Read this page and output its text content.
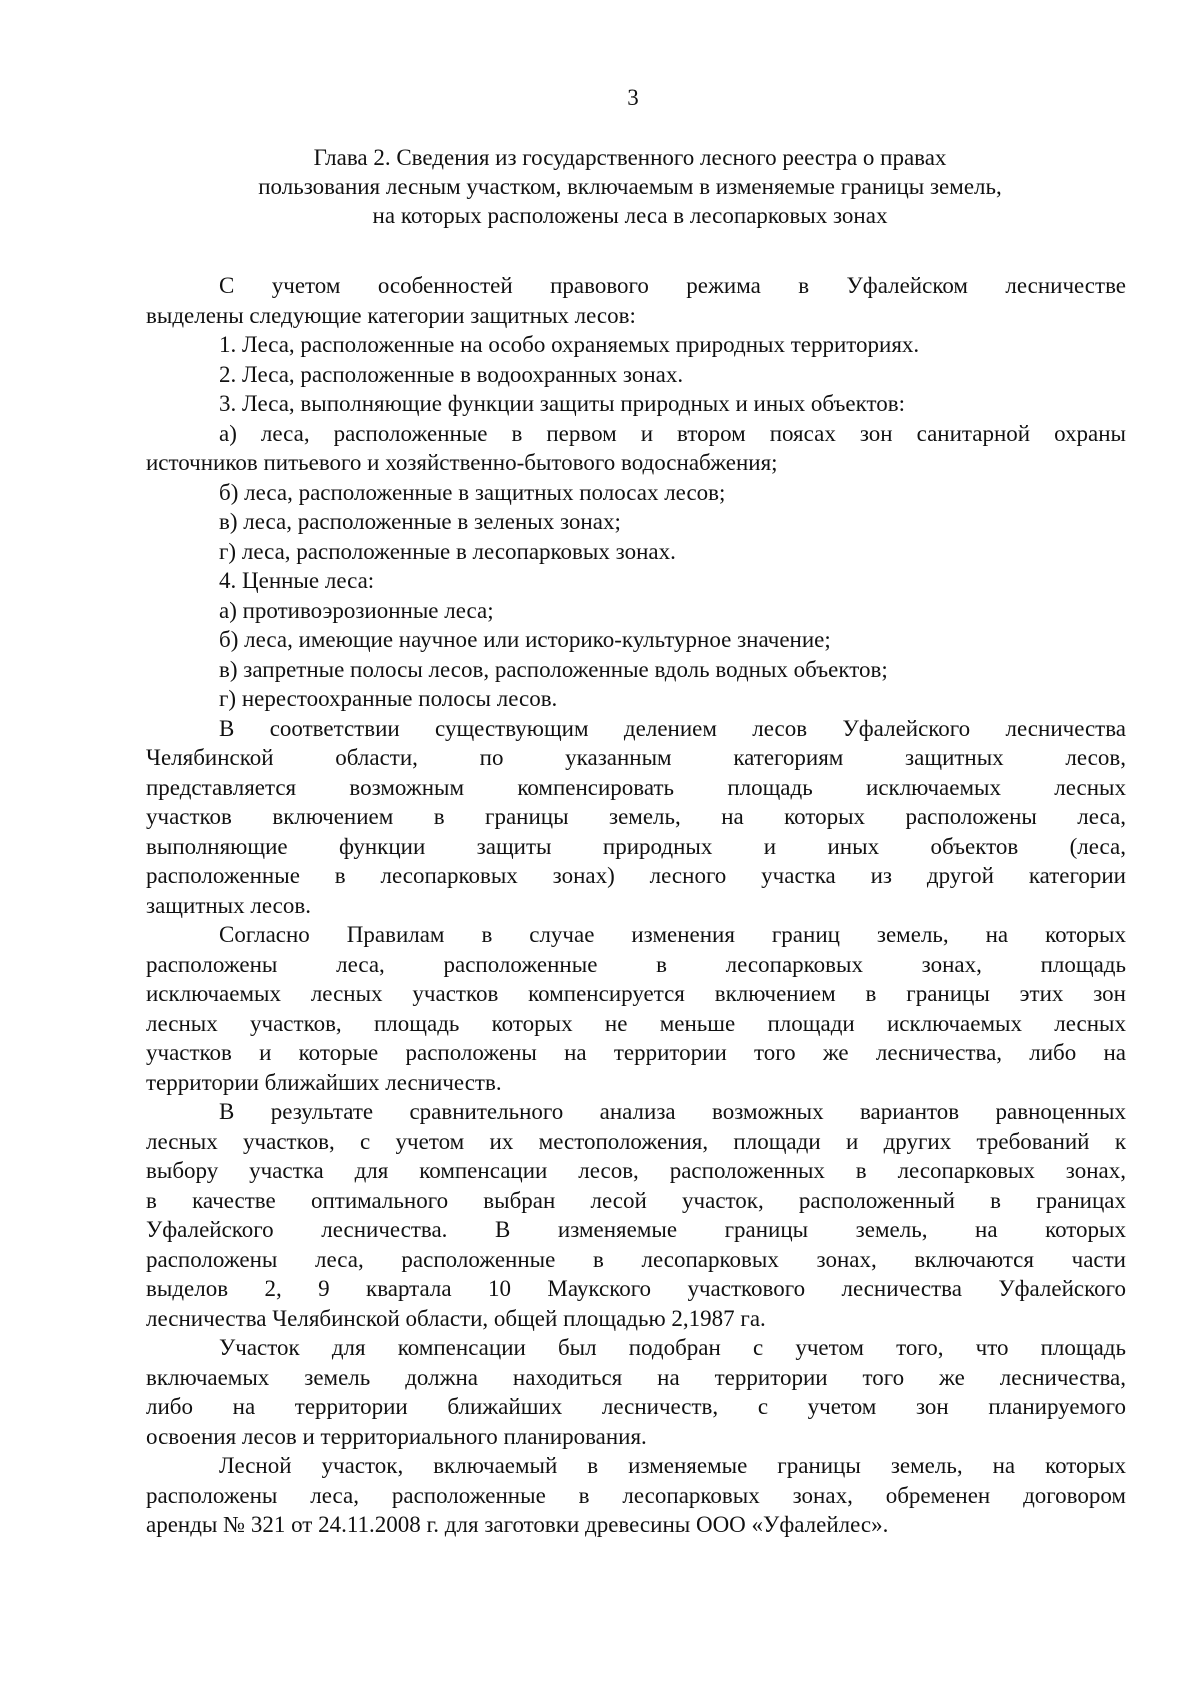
3
Глава 2. Сведения из государственного лесного реестра о правах
пользования лесным участком, включаемым в изменяемые границы земель,
на которых расположены леса в лесопарковых зонах
С учетом особенностей правового режима в Уфалейском лесничестве
выделены следующие категории защитных лесов:
1. Леса, расположенные на особо охраняемых природных территориях.
2. Леса, расположенные в водоохранных зонах.
3. Леса, выполняющие функции защиты природных и иных объектов:
а) леса, расположенные в первом и втором поясах зон санитарной охраны
источников питьевого и хозяйственно-бытового водоснабжения;
б) леса, расположенные в защитных полосах лесов;
в) леса, расположенные в зеленых зонах;
г) леса, расположенные в лесопарковых зонах.
4. Ценные леса:
а) противоэрозионные леса;
б) леса, имеющие научное или историко-культурное значение;
в) запретные полосы лесов, расположенные вдоль водных объектов;
г) нерестоохранные полосы лесов.
В соответствии существующим делением лесов Уфалейского лесничества
Челябинской области, по указанным категориям защитных лесов,
представляется возможным компенсировать площадь исключаемых лесных
участков включением в границы земель, на которых расположены леса,
выполняющие функции защиты природных и иных объектов (леса,
расположенные в лесопарковых зонах) лесного участка из другой категории
защитных лесов.
Согласно Правилам в случае изменения границ земель, на которых
расположены леса, расположенные в лесопарковых зонах, площадь
исключаемых лесных участков компенсируется включением в границы этих зон
лесных участков, площадь которых не меньше площади исключаемых лесных
участков и которые расположены на территории того же лесничества, либо на
территории ближайших лесничеств.
В результате сравнительного анализа возможных вариантов равноценных
лесных участков, с учетом их местоположения, площади и других требований к
выбору участка для компенсации лесов, расположенных в лесопарковых зонах,
в качестве оптимального выбран лесой участок, расположенный в границах
Уфалейского лесничества. В изменяемые границы земель, на которых
расположены леса, расположенные в лесопарковых зонах, включаются части
выделов 2, 9 квартала 10 Маукского участкового лесничества Уфалейского
лесничества Челябинской области, общей площадью 2,1987 га.
Участок для компенсации был подобран с учетом того, что площадь
включаемых земель должна находиться на территории того же лесничества,
либо на территории ближайших лесничеств, с учетом зон планируемого
освоения лесов и территориального планирования.
Лесной участок, включаемый в изменяемые границы земель, на которых
расположены леса, расположенные в лесопарковых зонах, обременен договором
аренды № 321 от 24.11.2008 г. для заготовки древесины ООО «Уфалейлес».
